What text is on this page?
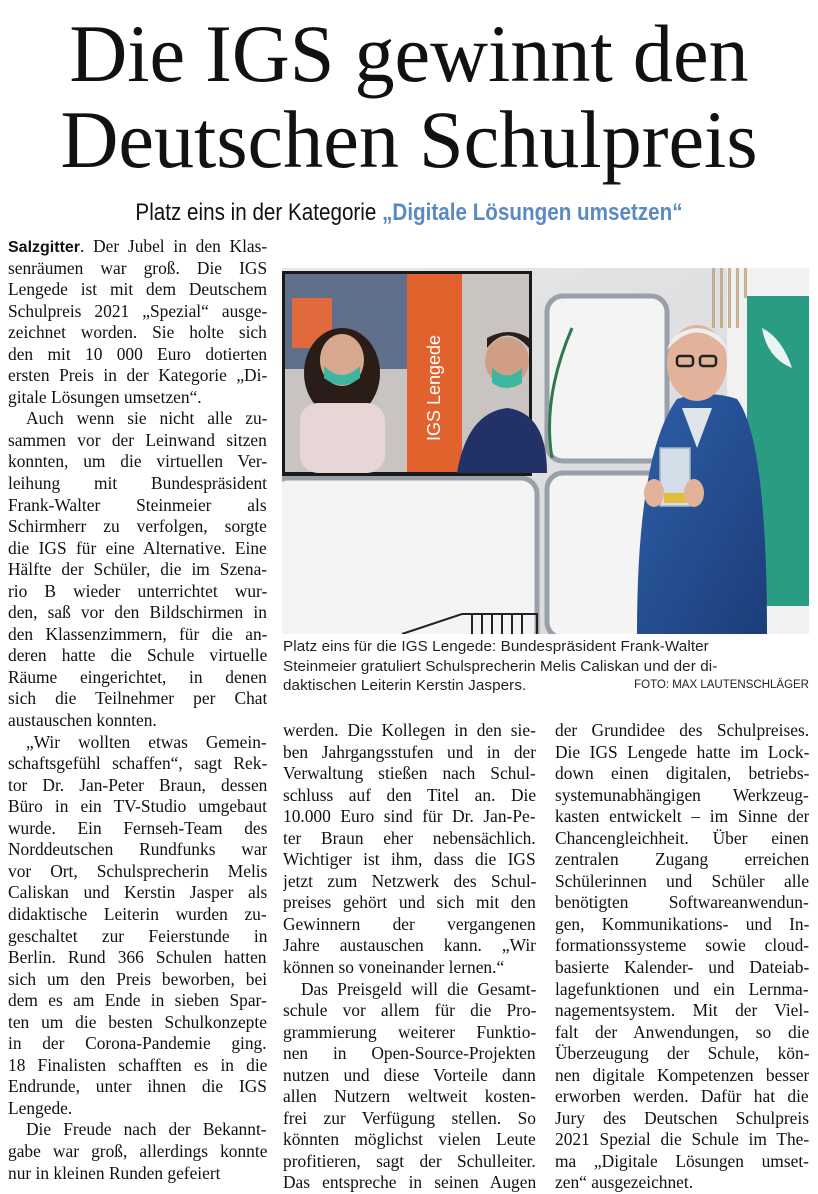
Die IGS gewinnt den
Deutschen Schulpreis
Platz eins in der Kategorie „Digitale Lösungen umsetzen“
Salzgitter. Der Jubel in den Klas-
senräumen war groß. Die IGS
Lengede ist mit dem Deutschem
Schulpreis 2021 „Spezial“ ausge-
zeichnet worden. Sie holte sich
den mit 10 000 Euro dotierten
ersten Preis in der Kategorie „Di-
gitale Lösungen umsetzen“.
Auch wenn sie nicht alle zu-
sammen vor der Leinwand sitzen
konnten, um die virtuellen Ver-
leihung mit Bundespräsident
Frank-Walter Steinmeier als
Schirmherr zu verfolgen, sorgte
die IGS für eine Alternative. Eine
Hälfte der Schüler, die im Szena-
rio B wieder unterrichtet wur-
den, saß vor den Bildschirmen in
den Klassenzimmern, für die an-
deren hatte die Schule virtuelle
Räume eingerichtet, in denen
sich die Teilnehmer per Chat
austauschen konnten.
„Wir wollten etwas Gemein-
schaftsgefühl schaffen“, sagt Rek-
tor Dr. Jan-Peter Braun, dessen
Büro in ein TV-Studio umgebaut
wurde. Ein Fernseh-Team des
Norddeutschen Rundfunks war
vor Ort, Schulsprecherin Melis
Caliskan und Kerstin Jasper als
didaktische Leiterin wurden zu-
geschaltet zur Feierstunde in
Berlin. Rund 366 Schulen hatten
sich um den Preis beworben, bei
dem es am Ende in sieben Spar-
ten um die besten Schulkonzepte
in der Corona-Pandemie ging.
18 Finalisten schafften es in die
Endrunde, unter ihnen die IGS
Lengede.
Die Freude nach der Bekannt-
gabe war groß, allerdings konnte
nur in kleinen Runden gefeiert
IGS Lengede
Platz eins für die IGS Lengede: Bundespräsident Frank-Walter
Steinmeier gratuliert Schulsprecherin Melis Caliskan und der di-
daktischen Leiterin Kerstin Jaspers.	FOTO: MAX LAUTENSCHLÄGER
werden. Die Kollegen in den sie-
ben Jahrgangsstufen und in der
Verwaltung stießen nach Schul-
schluss auf den Titel an. Die
10.000 Euro sind für Dr. Jan-Pe-
ter Braun eher nebensächlich.
Wichtiger ist ihm, dass die IGS
jetzt zum Netzwerk des Schul-
preises gehört und sich mit den
Gewinnern der vergangenen
Jahre austauschen kann. „Wir
können so voneinander lernen.“
Das Preisgeld will die Gesamt-
schule vor allem für die Pro-
grammierung weiterer Funktio-
nen in Open-Source-Projekten
nutzen und diese Vorteile dann
allen Nutzern weltweit kosten-
frei zur Verfügung stellen. So
könnten möglichst vielen Leute
profitieren, sagt der Schulleiter.
Das entspreche in seinen Augen
der Grundidee des Schulpreises.
Die IGS Lengede hatte im Lock-
down einen digitalen, betriebs-
systemunabhängigen Werkzeug-
kasten entwickelt – im Sinne der
Chancengleichheit. Über einen
zentralen Zugang erreichen
Schülerinnen und Schüler alle
benötigten Softwareanwendun-
gen, Kommunikations- und In-
formationssysteme sowie cloud-
basierte Kalender- und Dateiab-
lagefunktionen und ein Lernma-
nagementsystem. Mit der Viel-
falt der Anwendungen, so die
Überzeugung der Schule, kön-
nen digitale Kompetenzen besser
erworben werden. Dafür hat die
Jury des Deutschen Schulpreis
2021 Spezial die Schule im The-
ma „Digitale Lösungen umset-
zen“ ausgezeichnet.
